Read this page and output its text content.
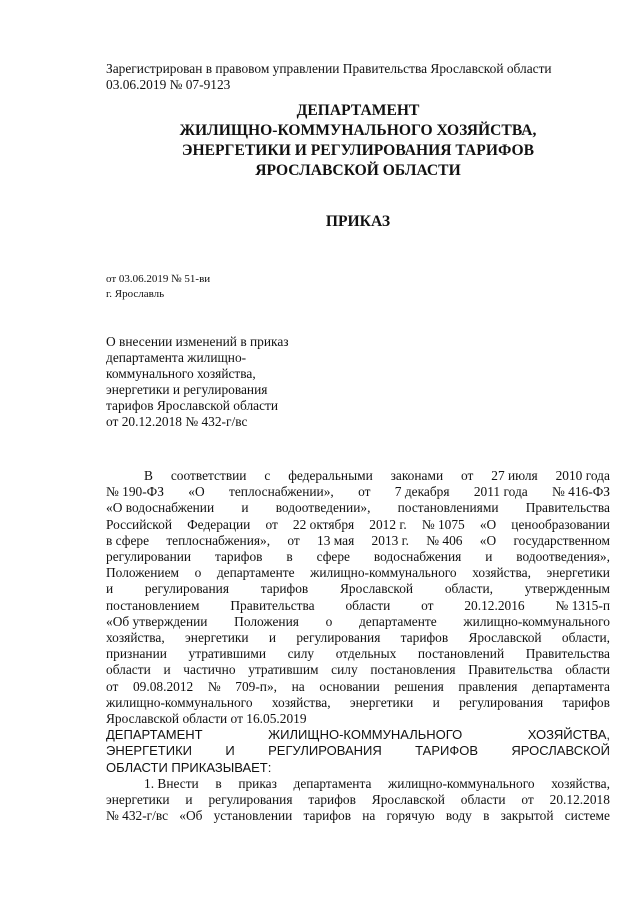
Зарегистрирован в правовом управлении Правительства Ярославской области
03.06.2019 № 07-9123
ДЕПАРТАМЕНТ
ЖИЛИЩНО-КОММУНАЛЬНОГО ХОЗЯЙСТВА,
ЭНЕРГЕТИКИ И РЕГУЛИРОВАНИЯ ТАРИФОВ
ЯРОСЛАВСКОЙ ОБЛАСТИ
ПРИКАЗ
от 03.06.2019 № 51-ви
г. Ярославль
О внесении изменений в приказ
департамента жилищно-
коммунального хозяйства,
энергетики и регулирования
тарифов Ярославской области
от 20.12.2018 № 432-г/вс
В соответствии с федеральными законами от 27 июля 2010 года
№ 190-ФЗ «О теплоснабжении», от 7 декабря 2011 года № 416-ФЗ
«О водоснабжении и водоотведении», постановлениями Правительства
Российской Федерации от 22 октября 2012 г. № 1075 «О ценообразовании
в сфере теплоснабжения», от 13 мая 2013 г. № 406 «О государственном
регулировании тарифов в сфере водоснабжения и водоотведения»,
Положением о департаменте жилищно-коммунального хозяйства, энергетики
и регулирования тарифов Ярославской области, утвержденным
постановлением Правительства области от 20.12.2016 № 1315-п
«Об утверждении Положения о департаменте жилищно-коммунального
хозяйства, энергетики и регулирования тарифов Ярославской области,
признании утратившими силу отдельных постановлений Правительства
области и частично утратившим силу постановления Правительства области
от 09.08.2012 № 709-п», на основании решения правления департамента
жилищно-коммунального хозяйства, энергетики и регулирования тарифов
Ярославской области от 16.05.2019
ДЕПАРТАМЕНТ	ЖИЛИЩНО-КОММУНАЛЬНОГО	ХОЗЯЙСТВА,
ЭНЕРГЕТИКИ	И	РЕГУЛИРОВАНИЯ	ТАРИФОВ	ЯРОСЛАВСКОЙ
ОБЛАСТИ ПРИКАЗЫВАЕТ:
1. Внести в приказ департамента жилищно-коммунального хозяйства,
энергетики и регулирования тарифов Ярославской области от 20.12.2018
№ 432-г/вс «Об установлении тарифов на горячую воду в закрытой системе
